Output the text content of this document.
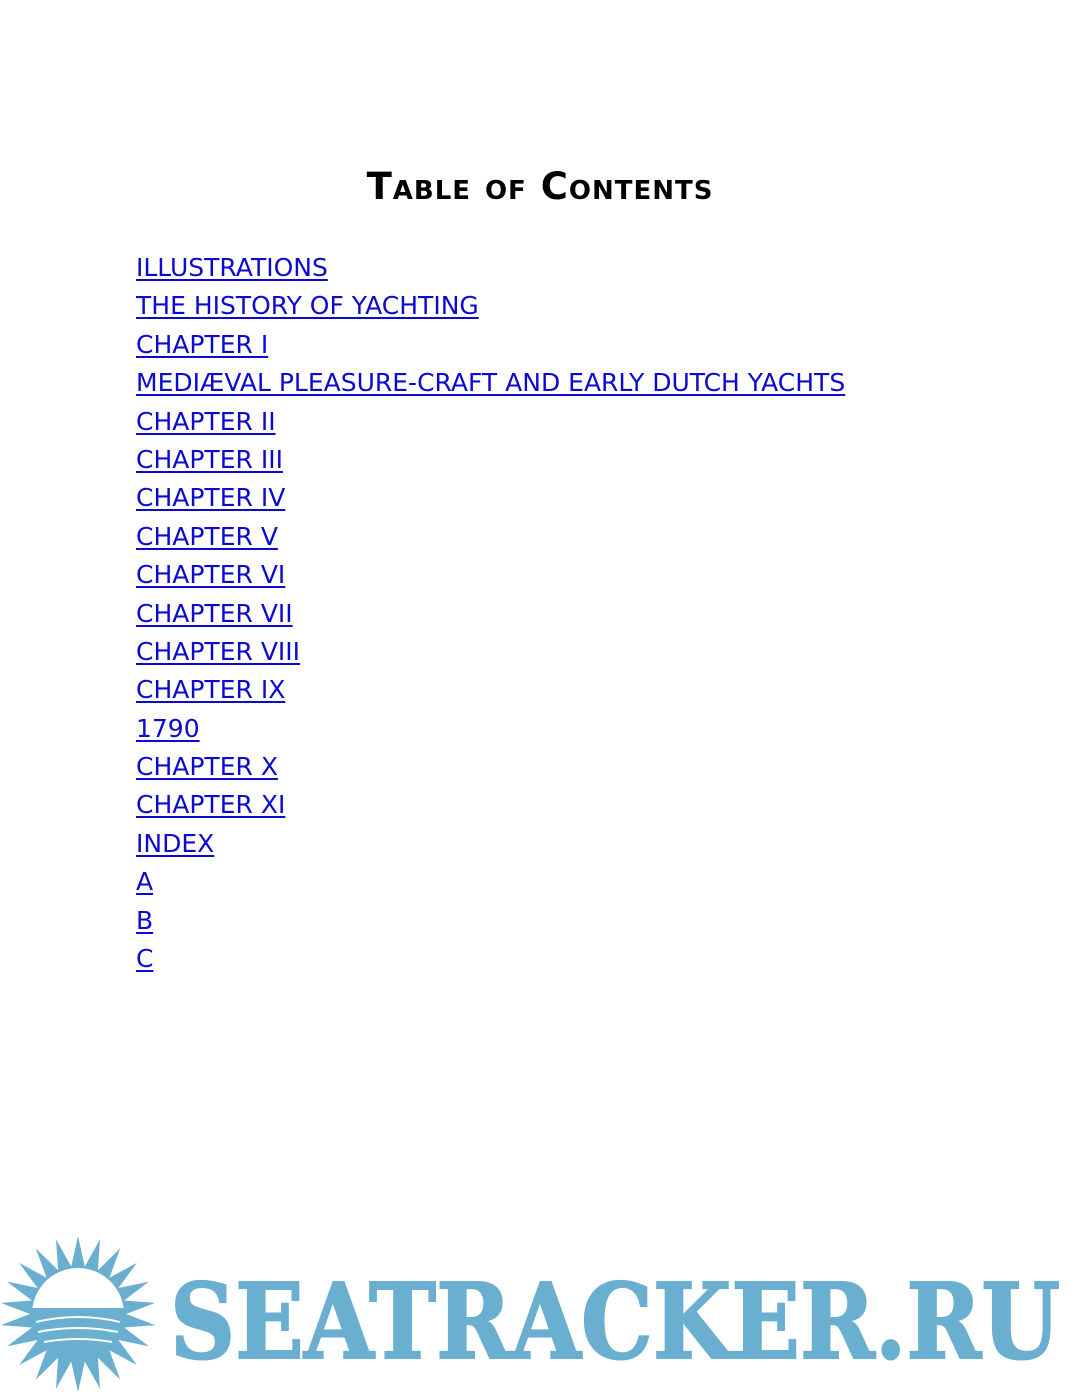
Table of Contents
ILLUSTRATIONS
THE HISTORY OF YACHTING
CHAPTER I
MEDIÆVAL PLEASURE-CRAFT AND EARLY DUTCH YACHTS
CHAPTER II
CHAPTER III
CHAPTER IV
CHAPTER V
CHAPTER VI
CHAPTER VII
CHAPTER VIII
CHAPTER IX
1790
CHAPTER X
CHAPTER XI
INDEX
A
B
C
SEATRACKER.RU
